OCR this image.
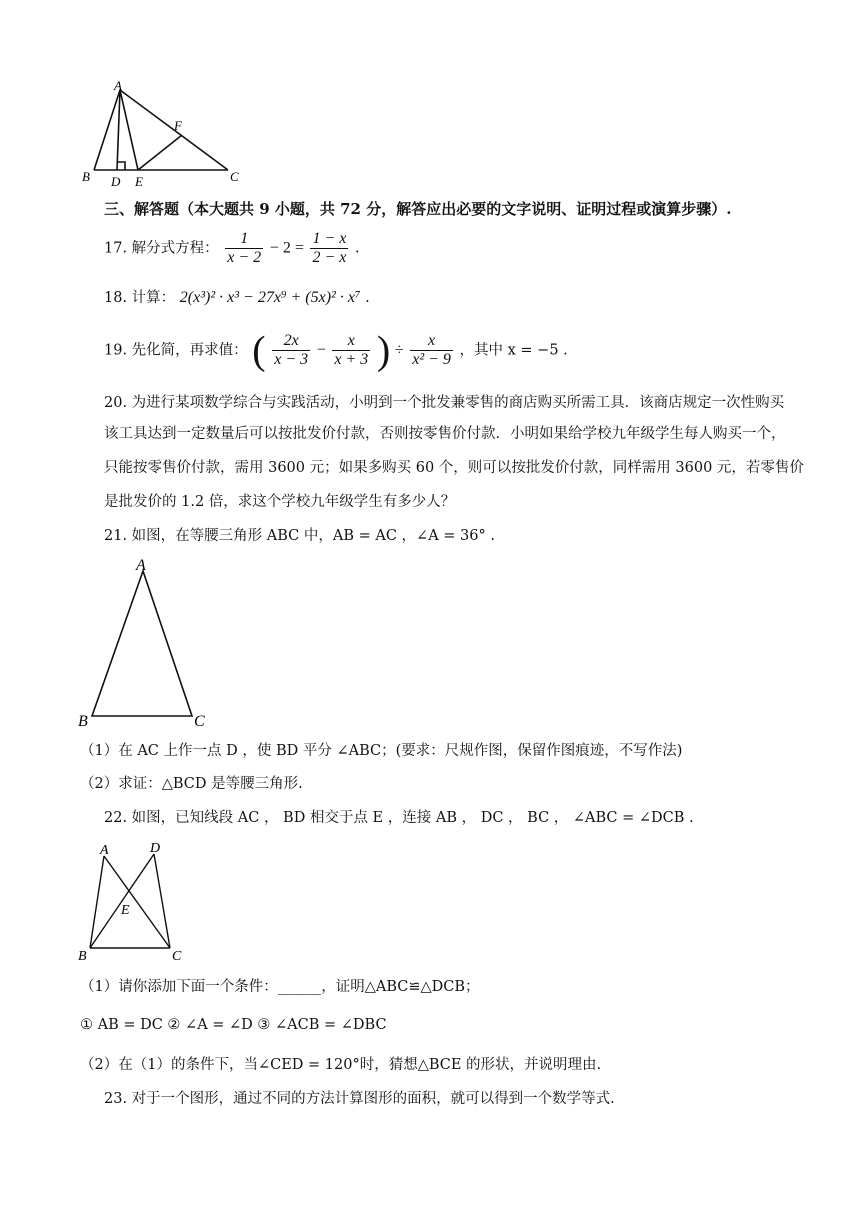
A
B D E
F
C
三、解答题（本大题共 9 小题，共 72 分，解答应出必要的文字说明、证明过程或演算步骤）.
17. 解分式方程： $\frac{1}{x - 2} - 2 = \frac{1 - x}{2 - x}$ .
18. 计算： 2(x³)² · x³ − 27x⁹ + (5x)² · x⁷ .
19. 先化简，再求值： ( $\frac{2x}{x - 3} - \frac{x}{x + 3}$ ) ÷ $\frac{x}{\text{x² − 9}}$ ，其中 x = −5 .
20. 为进行某项数学综合与实践活动，小明到一个批发兼零售的商店购买所需工具．该商店规定一次性购买
该工具达到一定数量后可以按批发价付款，否则按零售价付款．小明如果给学校九年级学生每人购买一个，
只能按零售价付款，需用 3600 元；如果多购买 60 个，则可以按批发价付款，同样需用 3600 元，若零售价
是批发价的 1.2 倍，求这个学校九年级学生有多少人？
21. 如图，在等腰三角形 ABC 中，AB = AC ，∠A = 36° .
A
B	C
（1）在 AC 上作一点 D ，使 BD 平分 ∠ABC；(要求：尺规作图，保留作图痕迹，不写作法)
（2）求证：△BCD 是等腰三角形.
22. 如图，已知线段 AC ， BD 相交于点 E ，连接 AB ， DC ， BC ， ∠ABC = ∠DCB .
A	D
E
B	C
（1）请你添加下面一个条件：______，证明△ABC≌△DCB；
① AB = DC ② ∠A = ∠D ③ ∠ACB = ∠DBC
（2）在（1）的条件下，当∠CED = 120°时，猜想△BCE 的形状，并说明理由.
23. 对于一个图形，通过不同的方法计算图形的面积，就可以得到一个数学等式.
